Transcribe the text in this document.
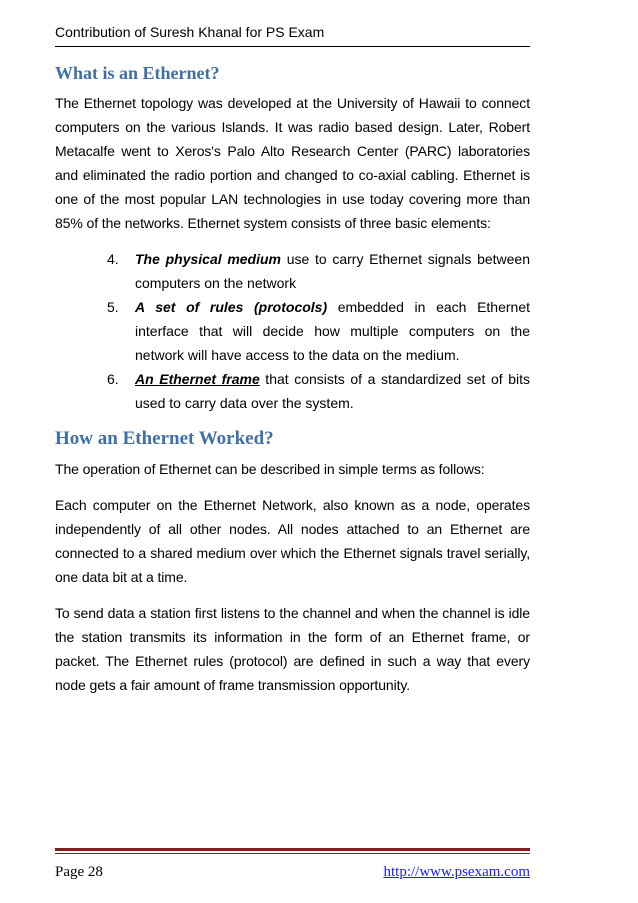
Contribution of Suresh Khanal for PS Exam
What is an Ethernet?

The Ethernet topology was developed at the University of Hawaii to connect computers on the various Islands. It was radio based design. Later, Robert Metacalfe went to Xeros's Palo Alto Research Center (PARC) laboratories and eliminated the radio portion and changed to co-axial cabling. Ethernet is one of the most popular LAN technologies in use today covering more than 85% of the networks. Ethernet system consists of three basic elements:

4. The physical medium use to carry Ethernet signals between computers on the network
5. A set of rules (protocols) embedded in each Ethernet interface that will decide how multiple computers on the network will have access to the data on the medium.
6. An Ethernet frame that consists of a standardized set of bits used to carry data over the system.
How an Ethernet Worked?

The operation of Ethernet can be described in simple terms as follows:

Each computer on the Ethernet Network, also known as a node, operates independently of all other nodes. All nodes attached to an Ethernet are connected to a shared medium over which the Ethernet signals travel serially, one data bit at a time.

To send data a station first listens to the channel and when the channel is idle the station transmits its information in the form of an Ethernet frame, or packet. The Ethernet rules (protocol) are defined in such a way that every node gets a fair amount of frame transmission opportunity.

Page 28	http://www.psexam.com
